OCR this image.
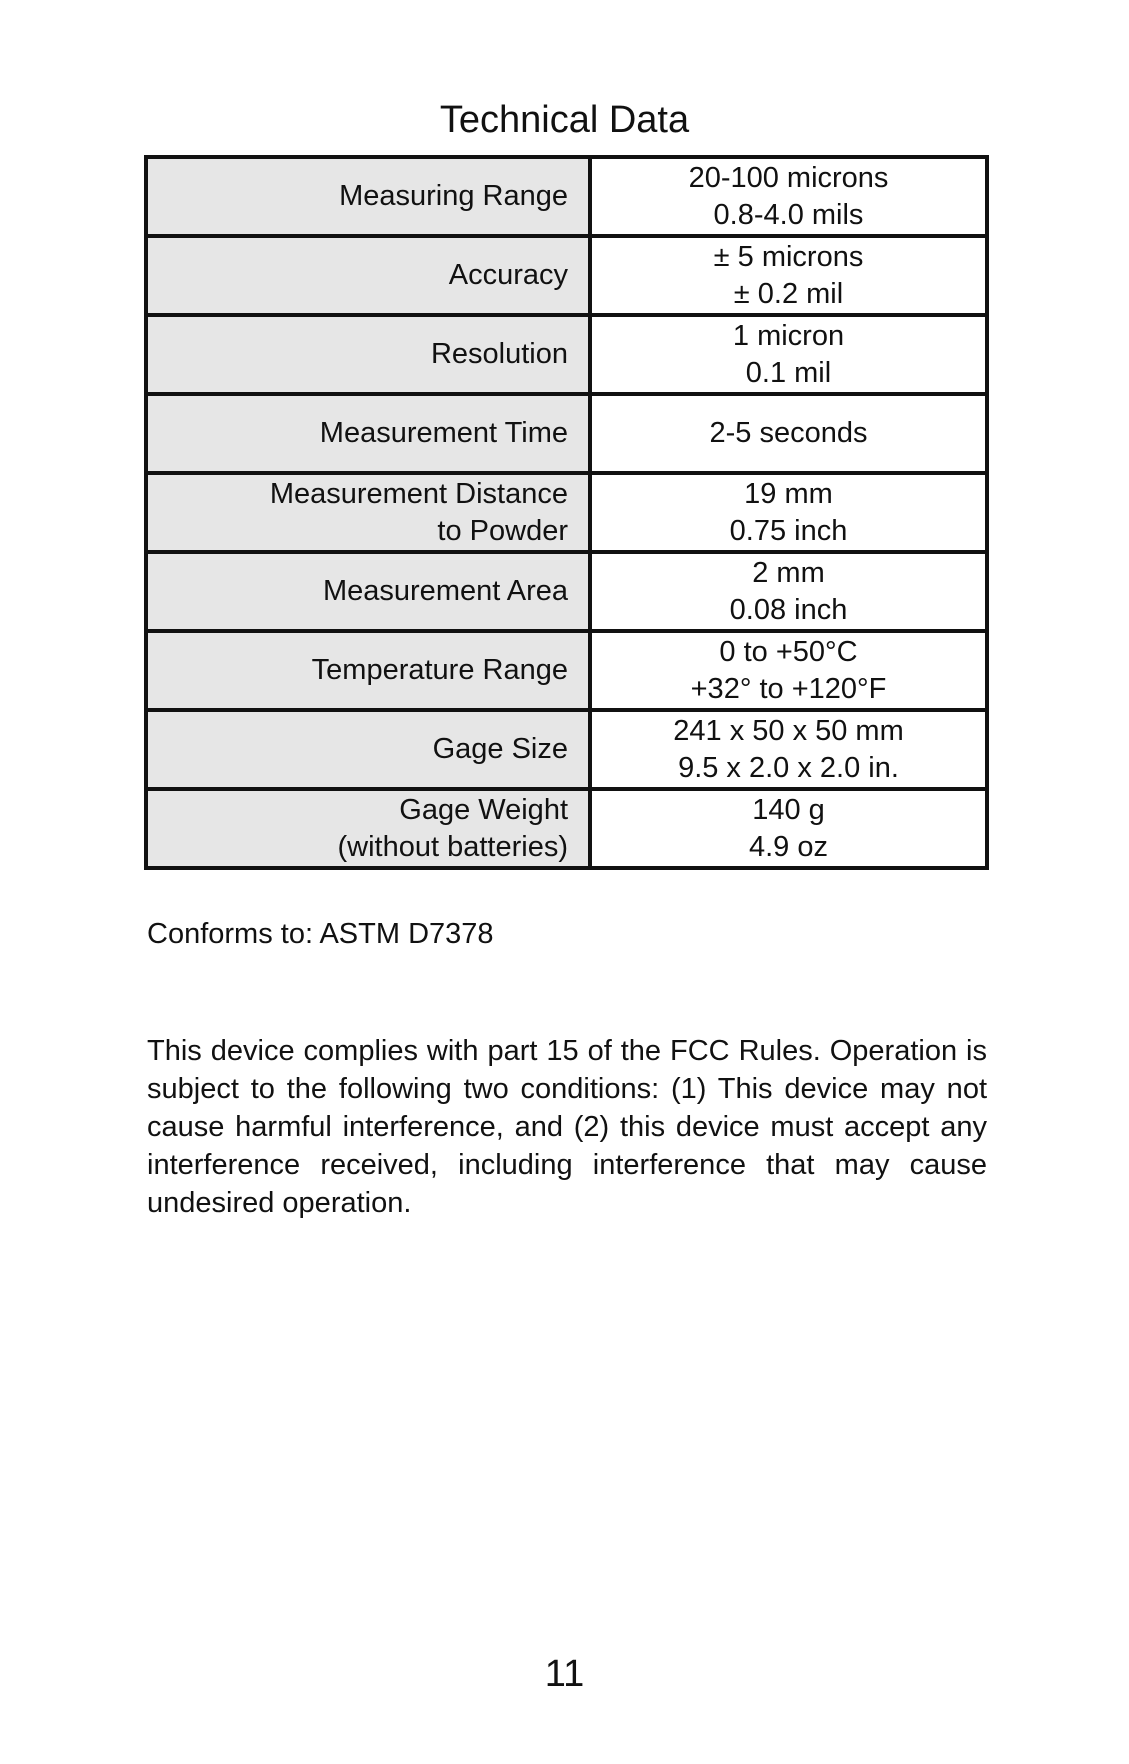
Technical Data
Measuring Range	20-100 microns
0.8-4.0 mils

Accuracy	± 5 microns
± 0.2 mil

Resolution	1 micron
0.1 mil

Measurement Time	2-5 seconds

Measurement Distance
to Powder	19 mm
0.75 inch

Measurement Area	2 mm
0.08 inch

Temperature Range	0 to +50°C
+32° to +120°F

Gage Size	241 x 50 x 50 mm
9.5 x 2.0 x 2.0 in.

Gage Weight
(without batteries)	140 g
4.9 oz
Conforms to: ASTM D7378
This device complies with part 15 of the FCC Rules. Operation is subject to the following two conditions: (1) This device may not cause harmful interference, and (2) this device must accept any interference received, including interference that may cause undesired operation.
11
